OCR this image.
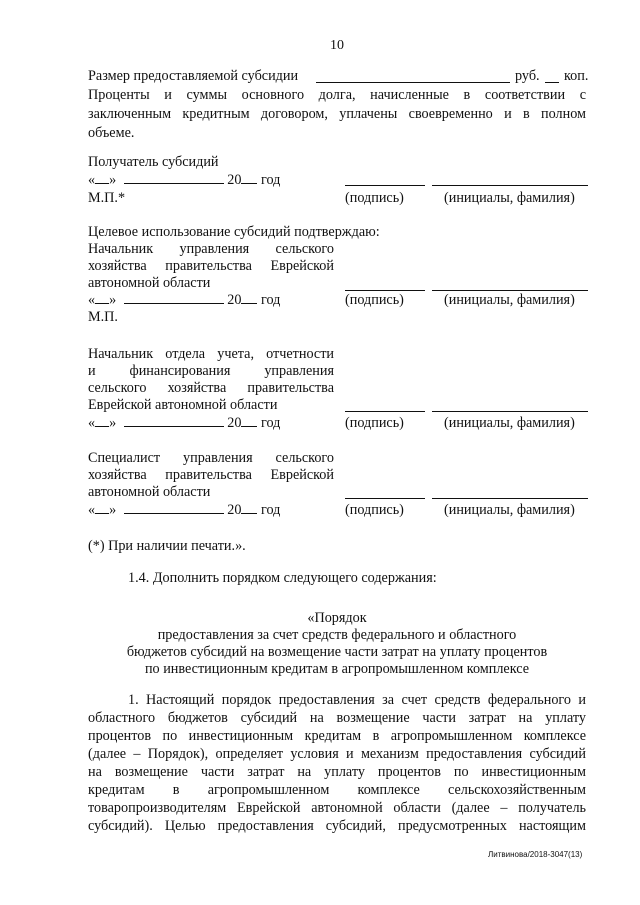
10
Размер предоставляемой субсидии	руб. коп.
Проценты и суммы основного долга, начисленные в соответствии с
заключенным кредитным договором, уплачены своевременно и в полном
объеме.
Получатель субсидий
« »	20 год
М.П.*	(подпись)	(инициалы, фамилия)
Целевое использование субсидий подтверждаю:
Начальник управления сельского
хозяйства правительства Еврейской
автономной области
« »	20 год	(подпись)	(инициалы, фамилия)
М.П.
Начальник отдела учета, отчетности
и финансирования управления
сельского хозяйства правительства
Еврейской автономной области
« »	20 год	(подпись)	(инициалы, фамилия)
Специалист управления сельского
хозяйства правительства Еврейской
автономной области
« »	20 год	(подпись)	(инициалы, фамилия)
(*) При наличии печати.».
1.4. Дополнить порядком следующего содержания:
«Порядок
предоставления за счет средств федерального и областного
бюджетов субсидий на возмещение части затрат на уплату процентов
по инвестиционным кредитам в агропромышленном комплексе
1. Настоящий порядок предоставления за счет средств федерального и
областного бюджетов субсидий на возмещение части затрат на уплату
процентов по инвестиционным кредитам в агропромышленном комплексе
(далее – Порядок), определяет условия и механизм предоставления субсидий
на возмещение части затрат на уплату процентов по инвестиционным
кредитам в агропромышленном комплексе сельскохозяйственным
товаропроизводителям Еврейской автономной области (далее – получатель
субсидий). Целью предоставления субсидий, предусмотренных настоящим
Литвинова/2018-3047(13)
